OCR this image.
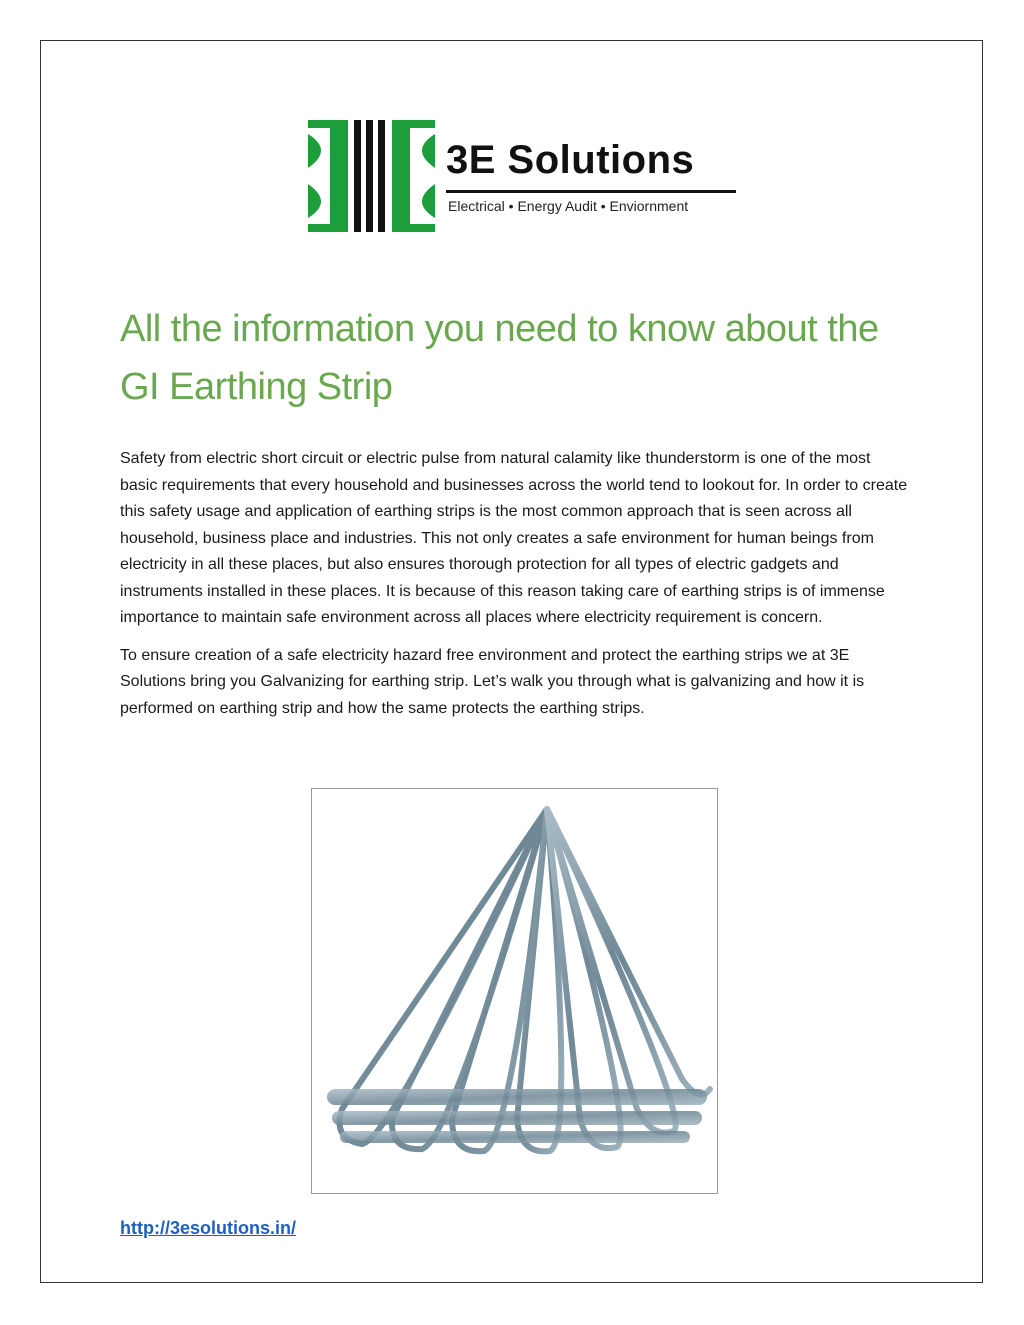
3E Solutions
Electrical • Energy Audit • Enviornment
All the information you need to know about the GI Earthing Strip

Safety from electric short circuit or electric pulse from natural calamity like thunderstorm is one of the most basic requirements that every household and businesses across the world tend to lookout for. In order to create this safety usage and application of earthing strips is the most common approach that is seen across all household, business place and industries. This not only creates a safe environment for human beings from electricity in all these places, but also ensures thorough protection for all types of electric gadgets and instruments installed in these places. It is because of this reason taking care of earthing strips is of immense importance to maintain safe environment across all places where electricity requirement is concern.

To ensure creation of a safe electricity hazard free environment and protect the earthing strips we at 3E Solutions bring you Galvanizing for earthing strip. Let’s walk you through what is galvanizing and how it is performed on earthing strip and how the same protects the earthing strips.

http://3esolutions.in/
